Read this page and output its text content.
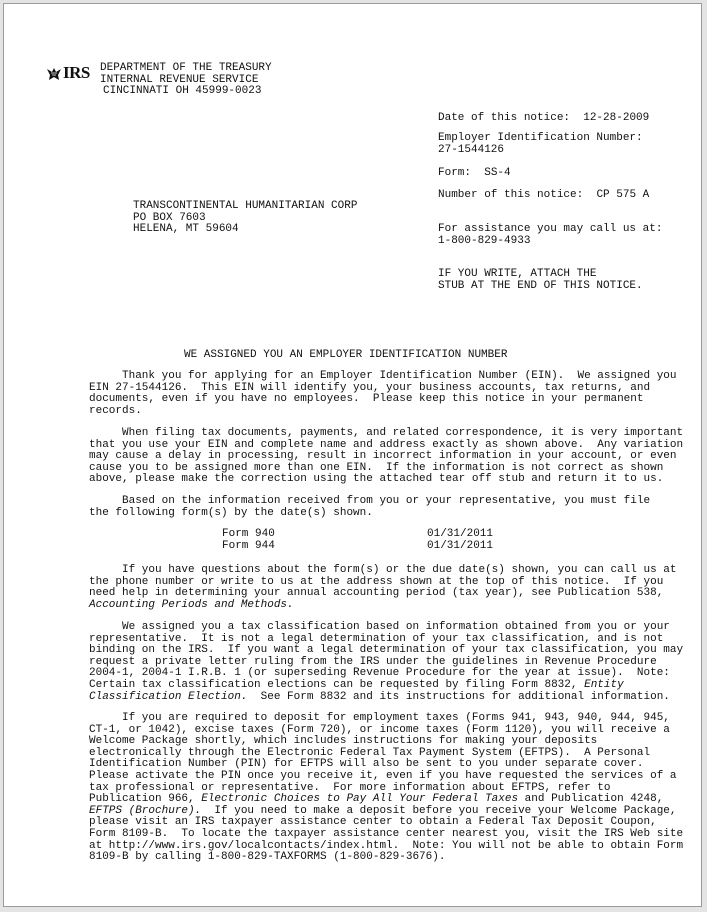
IRS DEPARTMENT OF THE TREASURY
INTERNAL REVENUE SERVICE
CINCINNATI OH 45999-0023
Date of this notice: 12-28-2009
Employer Identification Number:
27-1544126
Form: SS-4
Number of this notice: CP 575 A
For assistance you may call us at:
1-800-829-4933
IF YOU WRITE, ATTACH THE
STUB AT THE END OF THIS NOTICE.
TRANSCONTINENTAL HUMANITARIAN CORP
PO BOX 7603
HELENA, MT 59604
WE ASSIGNED YOU AN EMPLOYER IDENTIFICATION NUMBER
Thank you for applying for an Employer Identification Number (EIN).  We assigned you
EIN 27-1544126.  This EIN will identify you, your business accounts, tax returns, and
documents, even if you have no employees.  Please keep this notice in your permanent
records.
When filing tax documents, payments, and related correspondence, it is very important
that you use your EIN and complete name and address exactly as shown above.  Any variation
may cause a delay in processing, result in incorrect information in your account, or even
cause you to be assigned more than one EIN.  If the information is not correct as shown
above, please make the correction using the attached tear off stub and return it to us.
Based on the information received from you or your representative, you must file
the following form(s) by the date(s) shown.
Form 940	01/31/2011
Form 944	01/31/2011
If you have questions about the form(s) or the due date(s) shown, you can call us at
the phone number or write to us at the address shown at the top of this notice.  If you
need help in determining your annual accounting period (tax year), see Publication 538,
Accounting Periods and Methods.
We assigned you a tax classification based on information obtained from you or your
representative.  It is not a legal determination of your tax classification, and is not
binding on the IRS.  If you want a legal determination of your tax classification, you may
request a private letter ruling from the IRS under the guidelines in Revenue Procedure
2004-1, 2004-1 I.R.B. 1 (or superseding Revenue Procedure for the year at issue).  Note:
Certain tax classification elections can be requested by filing Form 8832, Entity
Classification Election.  See Form 8832 and its instructions for additional information.
If you are required to deposit for employment taxes (Forms 941, 943, 940, 944, 945,
CT-1, or 1042), excise taxes (Form 720), or income taxes (Form 1120), you will receive a
Welcome Package shortly, which includes instructions for making your deposits
electronically through the Electronic Federal Tax Payment System (EFTPS).  A Personal
Identification Number (PIN) for EFTPS will also be sent to you under separate cover.
Please activate the PIN once you receive it, even if you have requested the services of a
tax professional or representative.  For more information about EFTPS, refer to
Publication 966, Electronic Choices to Pay All Your Federal Taxes and Publication 4248,
EFTPS (Brochure).  If you need to make a deposit before you receive your Welcome Package,
please visit an IRS taxpayer assistance center to obtain a Federal Tax Deposit Coupon,
Form 8109-B.  To locate the taxpayer assistance center nearest you, visit the IRS Web site
at http://www.irs.gov/localcontacts/index.html.  Note: You will not be able to obtain Form
8109-B by calling 1-800-829-TAXFORMS (1-800-829-3676).
